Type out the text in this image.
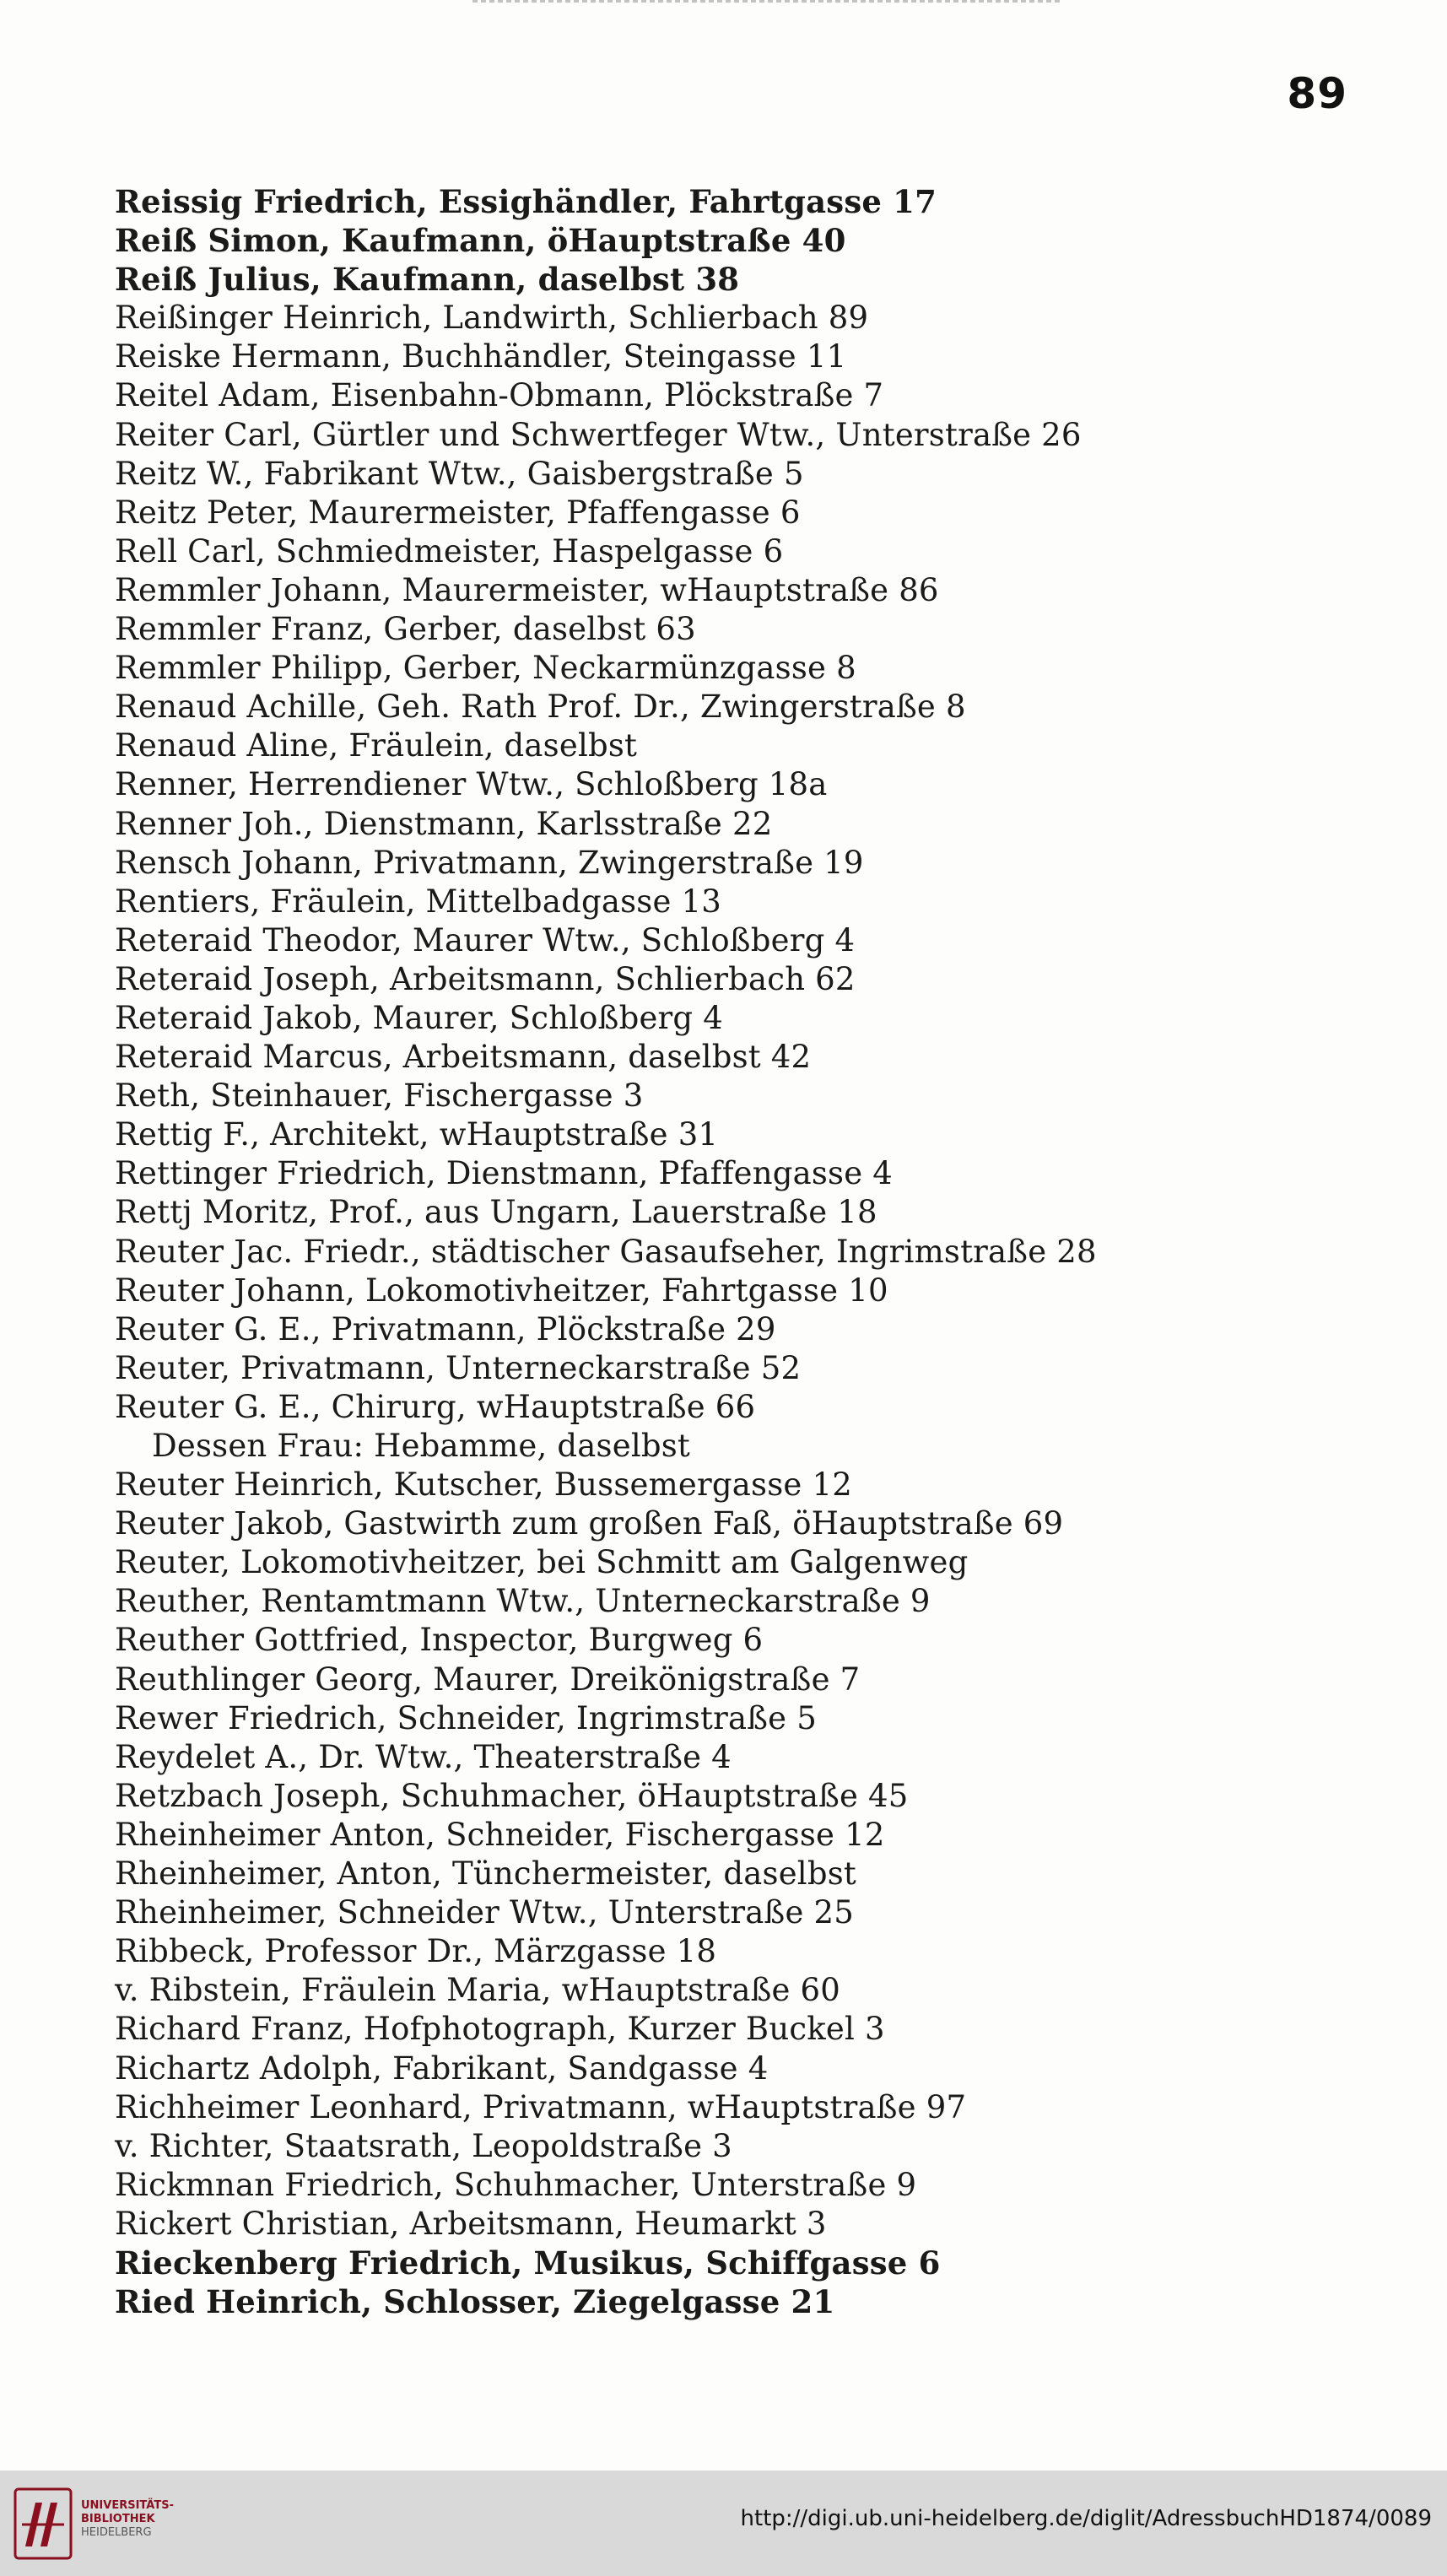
89
Reissig Friedrich, Essighändler, Fahrtgasse 17
Reiß Simon, Kaufmann, öHauptstraße 40
Reiß Julius, Kaufmann, daselbst 38
Reißinger Heinrich, Landwirth, Schlierbach 89
Reiske Hermann, Buchhändler, Steingasse 11
Reitel Adam, Eisenbahn-Obmann, Plöckstraße 7
Reiter Carl, Gürtler und Schwertfeger Wtw., Unterstraße 26
Reitz W., Fabrikant Wtw., Gaisbergstraße 5
Reitz Peter, Maurermeister, Pfaffengasse 6
Rell Carl, Schmiedmeister, Haspelgasse 6
Remmler Johann, Maurermeister, wHauptstraße 86
Remmler Franz, Gerber, daselbst 63
Remmler Philipp, Gerber, Neckarmünzgasse 8
Renaud Achille, Geh. Rath Prof. Dr., Zwingerstraße 8
Renaud Aline, Fräulein, daselbst
Renner, Herrendiener Wtw., Schloßberg 18a
Renner Joh., Dienstmann, Karlsstraße 22
Rensch Johann, Privatmann, Zwingerstraße 19
Rentiers, Fräulein, Mittelbadgasse 13
Reteraid Theodor, Maurer Wtw., Schloßberg 4
Reteraid Joseph, Arbeitsmann, Schlierbach 62
Reteraid Jakob, Maurer, Schloßberg 4
Reteraid Marcus, Arbeitsmann, daselbst 42
Reth, Steinhauer, Fischergasse 3
Rettig F., Architekt, wHauptstraße 31
Rettinger Friedrich, Dienstmann, Pfaffengasse 4
Rettj Moritz, Prof., aus Ungarn, Lauerstraße 18
Reuter Jac. Friedr., städtischer Gasaufseher, Ingrimstraße 28
Reuter Johann, Lokomotivheitzer, Fahrtgasse 10
Reuter G. E., Privatmann, Plöckstraße 29
Reuter, Privatmann, Unterneckarstraße 52
Reuter G. E., Chirurg, wHauptstraße 66
Dessen Frau: Hebamme, daselbst
Reuter Heinrich, Kutscher, Bussemergasse 12
Reuter Jakob, Gastwirth zum großen Faß, öHauptstraße 69
Reuter, Lokomotivheitzer, bei Schmitt am Galgenweg
Reuther, Rentamtmann Wtw., Unterneckarstraße 9
Reuther Gottfried, Inspector, Burgweg 6
Reuthlinger Georg, Maurer, Dreikönigstraße 7
Rewer Friedrich, Schneider, Ingrimstraße 5
Reydelet A., Dr. Wtw., Theaterstraße 4
Retzbach Joseph, Schuhmacher, öHauptstraße 45
Rheinheimer Anton, Schneider, Fischergasse 12
Rheinheimer, Anton, Tünchermeister, daselbst
Rheinheimer, Schneider Wtw., Unterstraße 25
Ribbeck, Professor Dr., Märzgasse 18
v. Ribstein, Fräulein Maria, wHauptstraße 60
Richard Franz, Hofphotograph, Kurzer Buckel 3
Richartz Adolph, Fabrikant, Sandgasse 4
Richheimer Leonhard, Privatmann, wHauptstraße 97
v. Richter, Staatsrath, Leopoldstraße 3
Rickmnan Friedrich, Schuhmacher, Unterstraße 9
Rickert Christian, Arbeitsmann, Heumarkt 3
Rieckenberg Friedrich, Musikus, Schiffgasse 6
Ried Heinrich, Schlosser, Ziegelgasse 21
UNIVERSITÄTS-
BIBLIOTHEK
HEIDELBERG
http://digi.ub.uni-heidelberg.de/diglit/AdressbuchHD1874/0089
